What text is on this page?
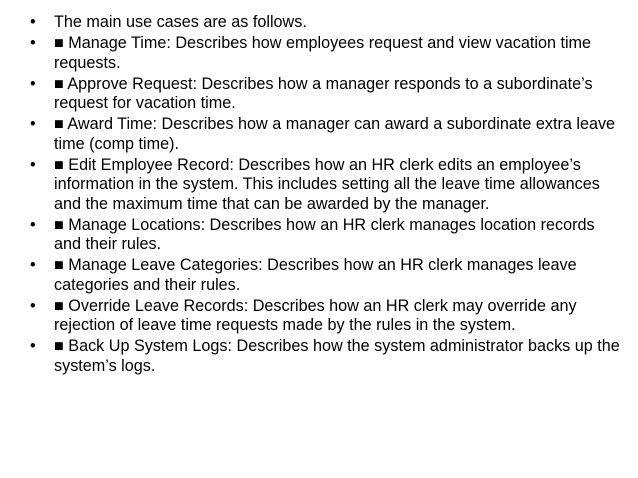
•	The main use cases are as follows.
•	■ Manage Time: Describes how employees request and view vacation time requests.
•	■ Approve Request: Describes how a manager responds to a subordinate’s request for vacation time.
•	■ Award Time: Describes how a manager can award a subordinate extra leave time (comp time).
•	■ Edit Employee Record: Describes how an HR clerk edits an employee’s information in the system. This includes setting all the leave time allowances and the maximum time that can be awarded by the manager.
•	■ Manage Locations: Describes how an HR clerk manages location records and their rules.
•	■ Manage Leave Categories: Describes how an HR clerk manages leave categories and their rules.
•	■ Override Leave Records: Describes how an HR clerk may override any rejection of leave time requests made by the rules in the system.
•	■ Back Up System Logs: Describes how the system administrator backs up the system’s logs.
